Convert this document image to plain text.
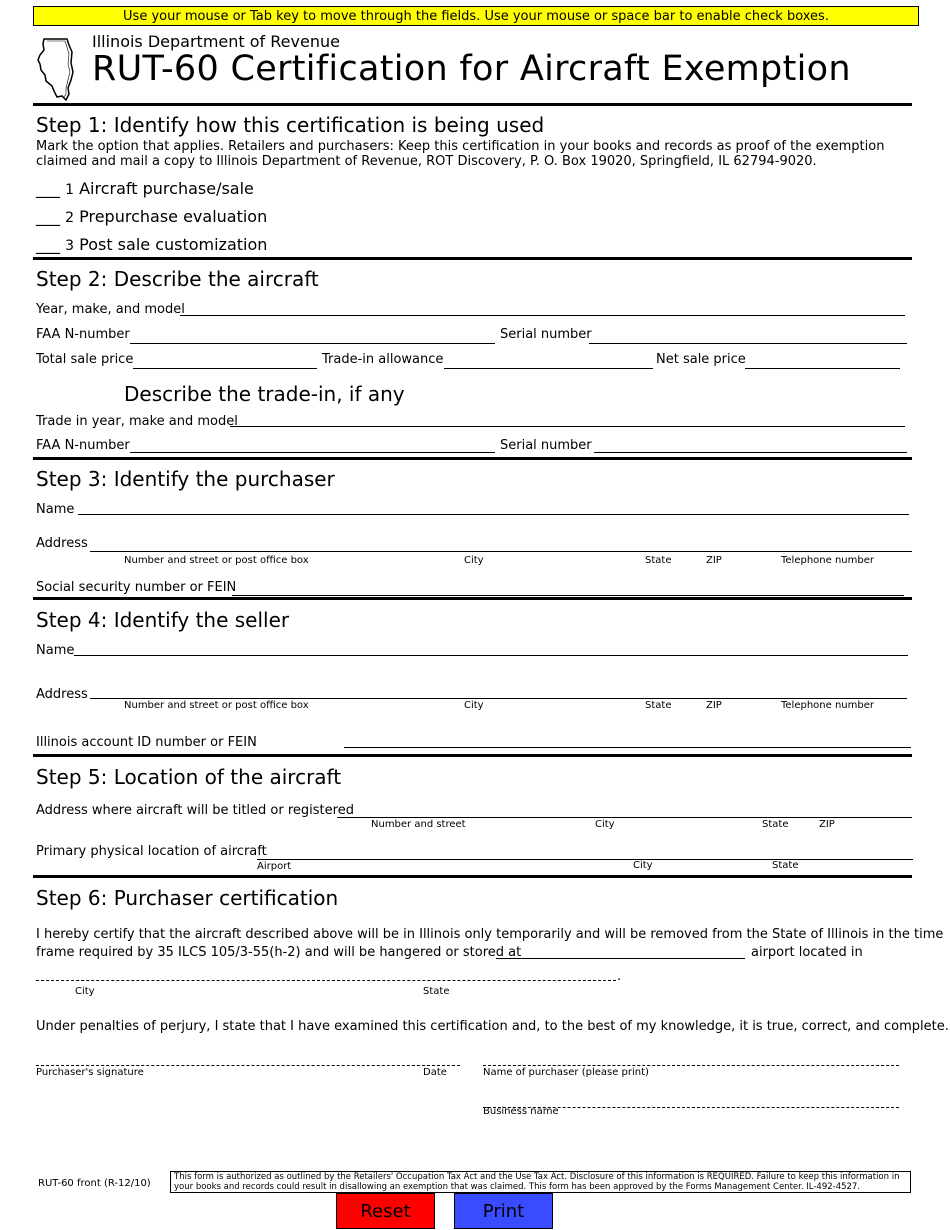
Use your mouse or Tab key to move through the fields. Use your mouse or space bar to enable check boxes.
Illinois Department of Revenue
RUT-60 Certification for Aircraft Exemption
Step 1: Identify how this certification is being used
Mark the option that applies. Retailers and purchasers: Keep this certification in your books and records as proof of the exemption claimed and mail a copy to Illinois Department of Revenue, ROT Discovery, P. O. Box 19020, Springfield, IL 62794-9020.
___ 1 Aircraft purchase/sale
___ 2 Prepurchase evaluation
___ 3 Post sale customization
Step 2: Describe the aircraft
Year, make, and model
FAA N-number	Serial number
Total sale price	Trade-in allowance	Net sale price
Describe the trade-in, if any
Trade in year, make and model
FAA N-number	Serial number
Step 3: Identify the purchaser
Name
Address
Number and street or post office box	City	State	ZIP	Telephone number
Social security number or FEIN
Step 4: Identify the seller
Name
Address
Number and street or post office box	City	State	ZIP	Telephone number
Illinois account ID number or FEIN
Step 5: Location of the aircraft
Address where aircraft will be titled or registered
Number and street	City	State	ZIP
Primary physical location of aircraft
Airport	City	State
Step 6: Purchaser certification
I hereby certify that the aircraft described above will be in Illinois only temporarily and will be removed from the State of Illinois in the time
frame required by 35 ILCS 105/3-55(h-2) and will be hangered or stored at	airport located in
.
City	State
Under penalties of perjury, I state that I have examined this certification and, to the best of my knowledge, it is true, correct, and complete.
Purchaser's signature	Date	Name of purchaser (please print)
Business name
RUT-60 front (R-12/10)
This form is authorized as outlined by the Retailers' Occupation Tax Act and the Use Tax Act. Disclosure of this information is REQUIRED. Failure to keep this information in your books and records could result in disallowing an exemption that was claimed. This form has been approved by the Forms Management Center. IL-492-4527.
Reset	Print
